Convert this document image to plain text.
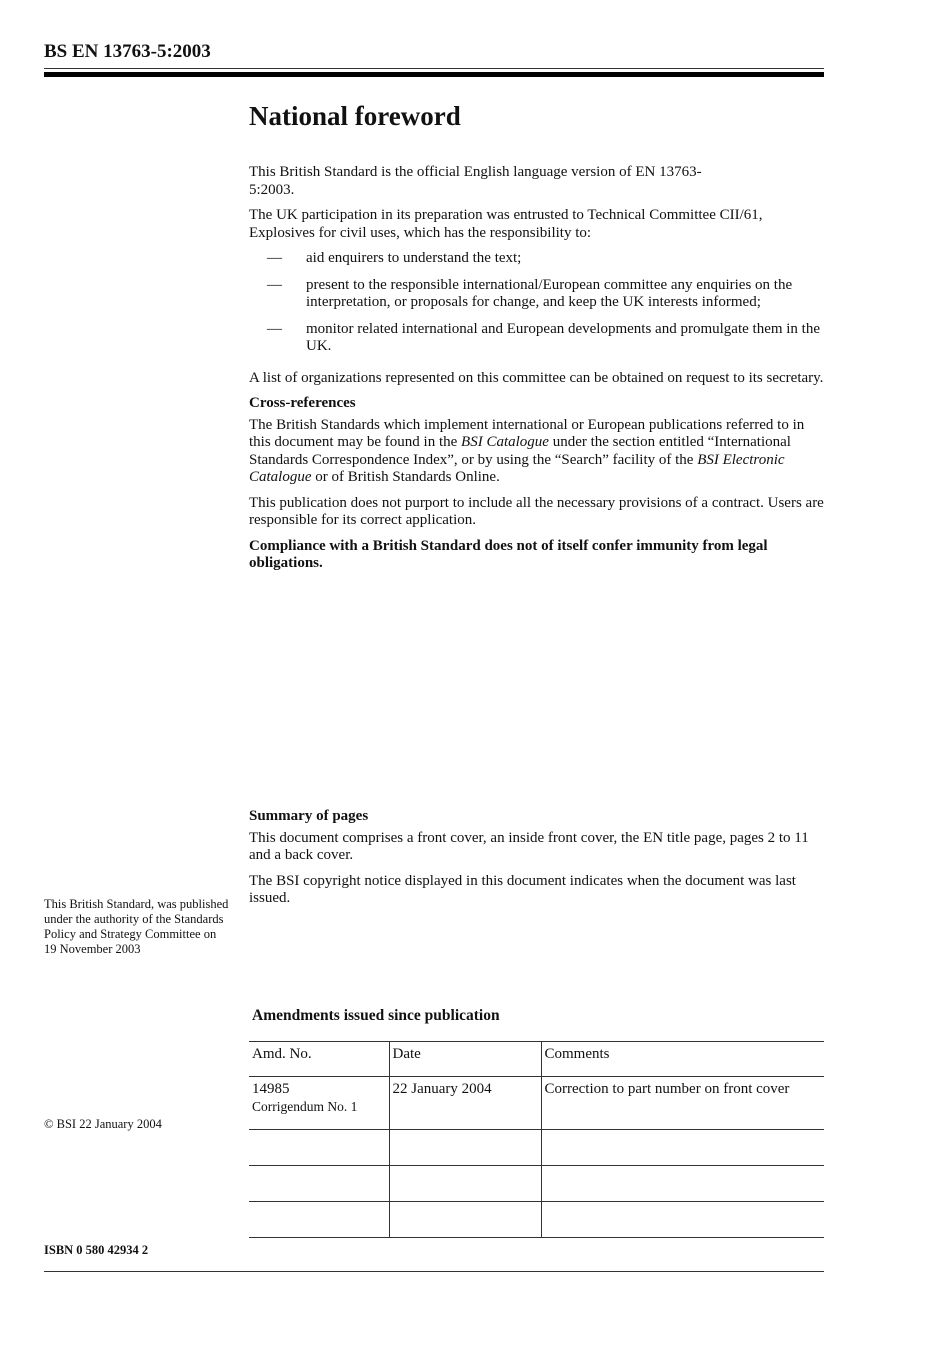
BS EN 13763-5:2003
National foreword

This British Standard is the official English language version of EN 13763-5:2003.

The UK participation in its preparation was entrusted to Technical Committee CII/61, Explosives for civil uses, which has the responsibility to:

— aid enquirers to understand the text;
— present to the responsible international/European committee any enquiries on the interpretation, or proposals for change, and keep the UK interests informed;
— monitor related international and European developments and promulgate them in the UK.

A list of organizations represented on this committee can be obtained on request to its secretary.

Cross-references

The British Standards which implement international or European publications referred to in this document may be found in the BSI Catalogue under the section entitled “International Standards Correspondence Index”, or by using the “Search” facility of the BSI Electronic Catalogue or of British Standards Online.

This publication does not purport to include all the necessary provisions of a contract. Users are responsible for its correct application.

Compliance with a British Standard does not of itself confer immunity from legal obligations.

Summary of pages

This document comprises a front cover, an inside front cover, the EN title page, pages 2 to 11 and a back cover.

The BSI copyright notice displayed in this document indicates when the document was last issued.

This British Standard, was published under the authority of the Standards Policy and Strategy Committee on 19 November 2003
© BSI 22 January 2004
Amendments issued since publication
Amd. No.	Date	Comments

14985
Corrigendum No. 1	22 January 2004	Correction to part number on front cover

ISBN 0 580 42934 2
